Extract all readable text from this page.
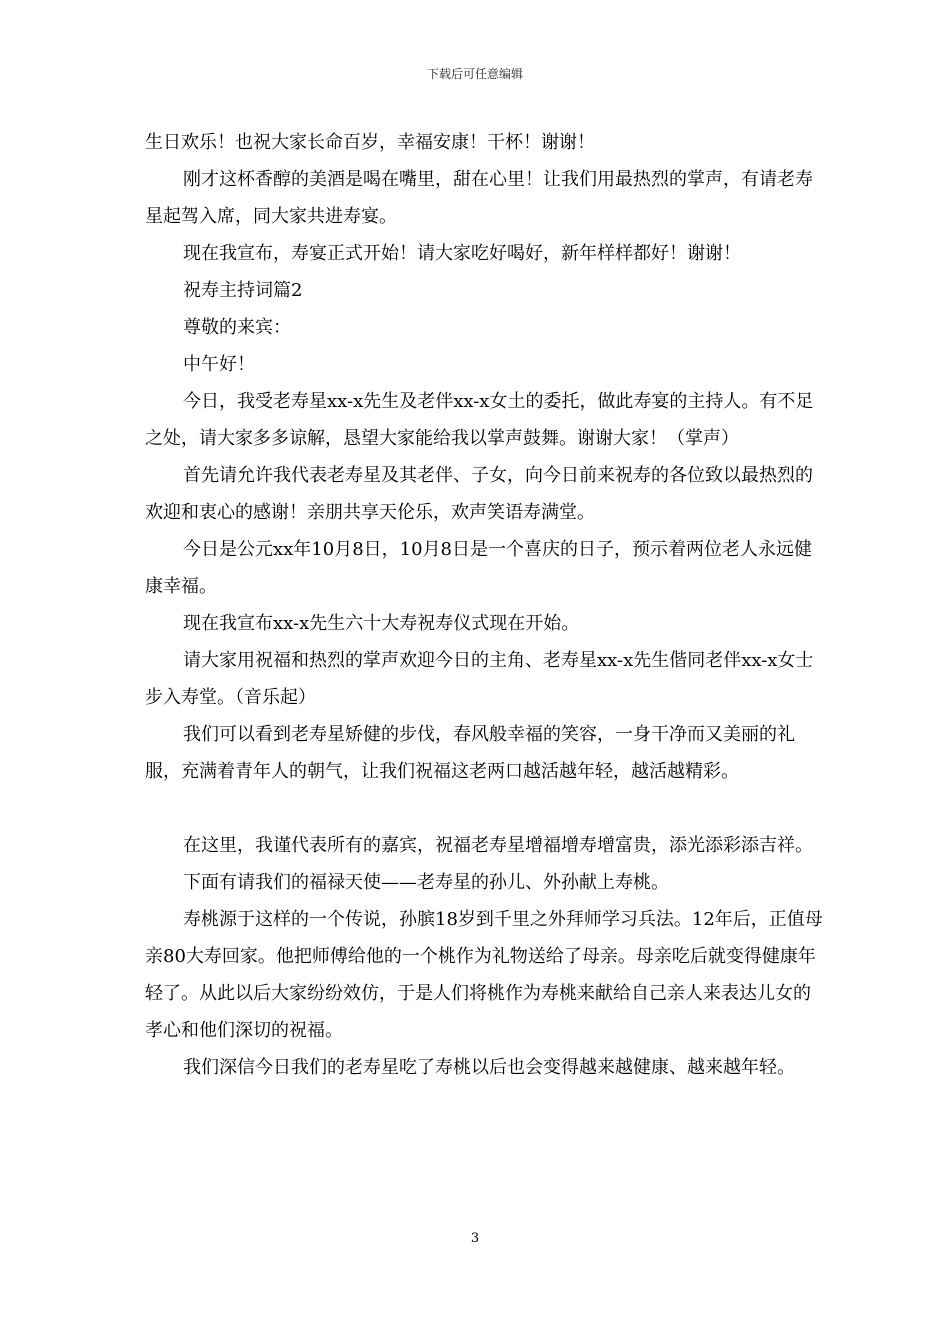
下载后可任意编辑

生日欢乐！也祝大家长命百岁，幸福安康！干杯！谢谢！

刚才这杯香醇的美酒是喝在嘴里，甜在心里！让我们用最热烈的掌声，有请老寿星起驾入席，同大家共进寿宴。

现在我宣布，寿宴正式开始！请大家吃好喝好，新年样样都好！谢谢！

祝寿主持词篇2

尊敬的来宾：

中午好！

今日，我受老寿星xx-x先生及老伴xx-x女土的委托，做此寿宴的主持人。有不足之处，请大家多多谅解，恳望大家能给我以掌声鼓舞。谢谢大家！（掌声）

首先请允许我代表老寿星及其老伴、子女，向今日前来祝寿的各位致以最热烈的欢迎和衷心的感谢！亲朋共享天伦乐，欢声笑语寿满堂。

今日是公元xx年10月8日，10月8日是一个喜庆的日子，预示着两位老人永远健康幸福。

现在我宣布xx-x先生六十大寿祝寿仪式现在开始。

请大家用祝福和热烈的掌声欢迎今日的主角、老寿星xx-x先生偕同老伴xx-x女士步入寿堂。（音乐起）

我们可以看到老寿星矫健的步伐，春风般幸福的笑容，一身干净而又美丽的礼服，充满着青年人的朝气，让我们祝福这老两口越活越年轻，越活越精彩。

在这里，我谨代表所有的嘉宾，祝福老寿星增福增寿增富贵，添光添彩添吉祥。

下面有请我们的福禄天使——老寿星的孙儿、外孙献上寿桃。

寿桃源于这样的一个传说，孙膑18岁到千里之外拜师学习兵法。12年后，正值母亲80大寿回家。他把师傅给他的一个桃作为礼物送给了母亲。母亲吃后就变得健康年轻了。从此以后大家纷纷效仿，于是人们将桃作为寿桃来献给自己亲人来表达儿女的孝心和他们深切的祝福。

我们深信今日我们的老寿星吃了寿桃以后也会变得越来越健康、越来越年轻。

3
